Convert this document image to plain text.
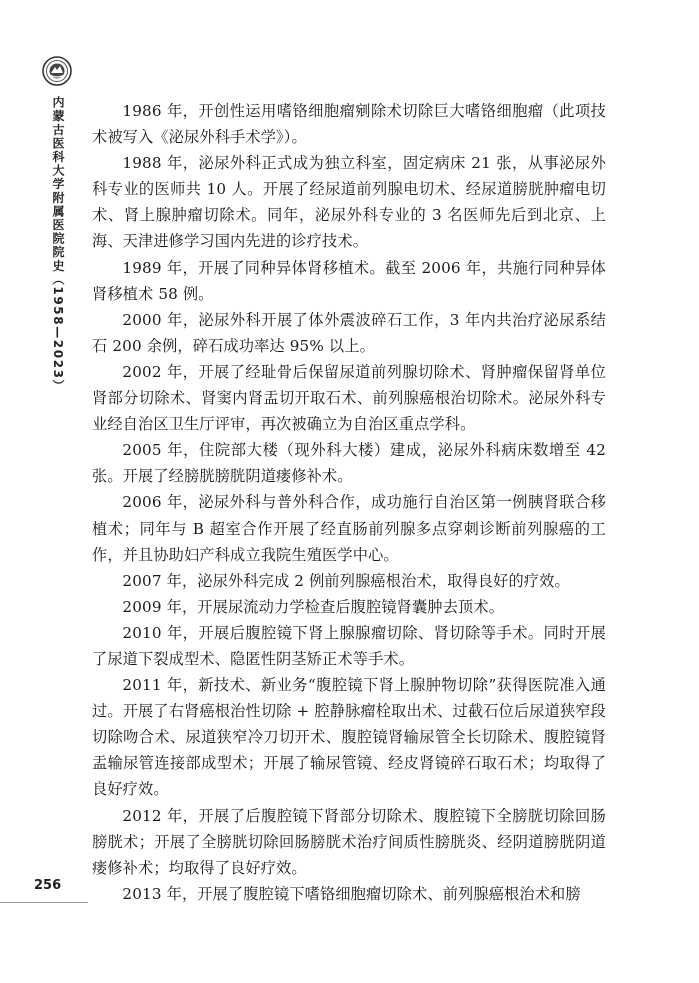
内蒙古医科大学附属医院院史（1958—2023）	1986 年，开创性运用嗜铬细胞瘤剜除术切除巨大嗜铬细胞瘤（此项技术被写入《泌尿外科手术学》）。

1988 年，泌尿外科正式成为独立科室，固定病床 21 张，从事泌尿外科专业的医师共 10 人。开展了经尿道前列腺电切术、经尿道膀胱肿瘤电切术、肾上腺肿瘤切除术。同年，泌尿外科专业的 3 名医师先后到北京、上海、天津进修学习国内先进的诊疗技术。

1989 年，开展了同种异体肾移植术。截至 2006 年，共施行同种异体肾移植术 58 例。

2000 年，泌尿外科开展了体外震波碎石工作，3 年内共治疗泌尿系结石 200 余例，碎石成功率达 95% 以上。

2002 年，开展了经耻骨后保留尿道前列腺切除术、肾肿瘤保留肾单位肾部分切除术、肾窦内肾盂切开取石术、前列腺癌根治切除术。泌尿外科专业经自治区卫生厅评审，再次被确立为自治区重点学科。

2005 年，住院部大楼（现外科大楼）建成，泌尿外科病床数增至 42 张。开展了经膀胱膀胱阴道瘘修补术。

2006 年，泌尿外科与普外科合作，成功施行自治区第一例胰肾联合移植术；同年与 B 超室合作开展了经直肠前列腺多点穿刺诊断前列腺癌的工作，并且协助妇产科成立我院生殖医学中心。

2007 年，泌尿外科完成 2 例前列腺癌根治术，取得良好的疗效。

2009 年，开展尿流动力学检查后腹腔镜肾囊肿去顶术。

2010 年，开展后腹腔镜下肾上腺腺瘤切除、肾切除等手术。同时开展了尿道下裂成型术、隐匿性阴茎矫正术等手术。

2011 年，新技术、新业务“腹腔镜下肾上腺肿物切除”获得医院准入通过。开展了右肾癌根治性切除 + 腔静脉瘤栓取出术、过截石位后尿道狭窄段切除吻合术、尿道狭窄冷刀切开术、腹腔镜肾输尿管全长切除术、腹腔镜肾盂输尿管连接部成型术；开展了输尿管镜、经皮肾镜碎石取石术；均取得了良好疗效。

2012 年，开展了后腹腔镜下肾部分切除术、腹腔镜下全膀胱切除回肠膀胱术；开展了全膀胱切除回肠膀胱术治疗间质性膀胱炎、经阴道膀胱阴道瘘修补术；均取得了良好疗效。

2013 年，开展了腹腔镜下嗜铬细胞瘤切除术、前列腺癌根治术和膀

256
